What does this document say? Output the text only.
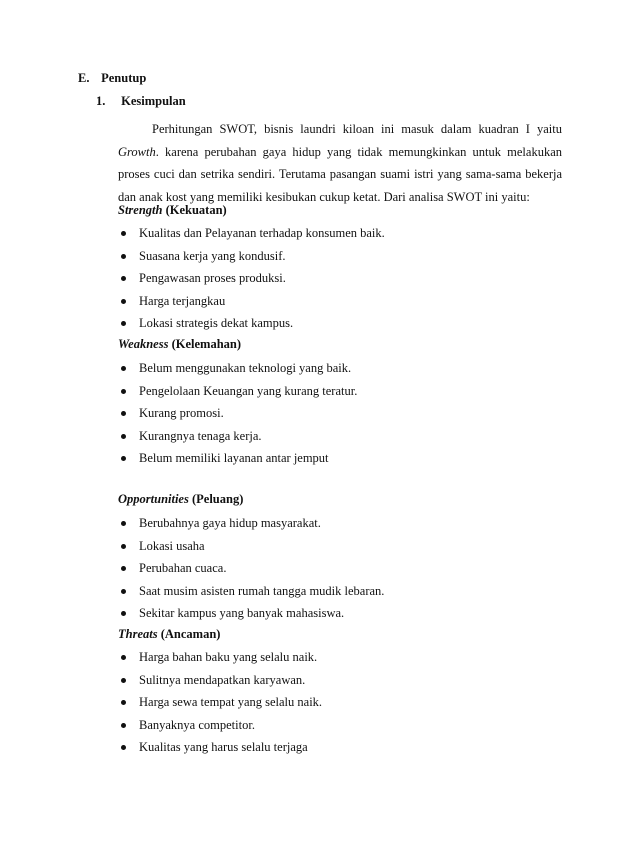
E. Penutup
1. Kesimpulan

Perhitungan SWOT, bisnis laundri kiloan ini masuk dalam kuadran I yaitu Growth. karena perubahan gaya hidup yang tidak memungkinkan untuk melakukan proses cuci dan setrika sendiri. Terutama pasangan suami istri yang sama-sama bekerja dan anak kost yang memiliki kesibukan cukup ketat. Dari analisa SWOT ini yaitu:

Strength (Kekuatan)
Kualitas dan Pelayanan terhadap konsumen baik.
Suasana kerja yang kondusif.
Pengawasan proses produksi.
Harga terjangkau
Lokasi strategis dekat kampus.
Weakness (Kelemahan)
Belum menggunakan teknologi yang baik.
Pengelolaan Keuangan yang kurang teratur.
Kurang promosi.
Kurangnya tenaga kerja.
Belum memiliki layanan antar jemput
Opportunities (Peluang)
Berubahnya gaya hidup masyarakat.
Lokasi usaha
Perubahan cuaca.
Saat musim asisten rumah tangga mudik lebaran.
Sekitar kampus yang banyak mahasiswa.
Threats (Ancaman)
Harga bahan baku yang selalu naik.
Sulitnya mendapatkan karyawan.
Harga sewa tempat yang selalu naik.
Banyaknya competitor.
Kualitas yang harus selalu terjaga
